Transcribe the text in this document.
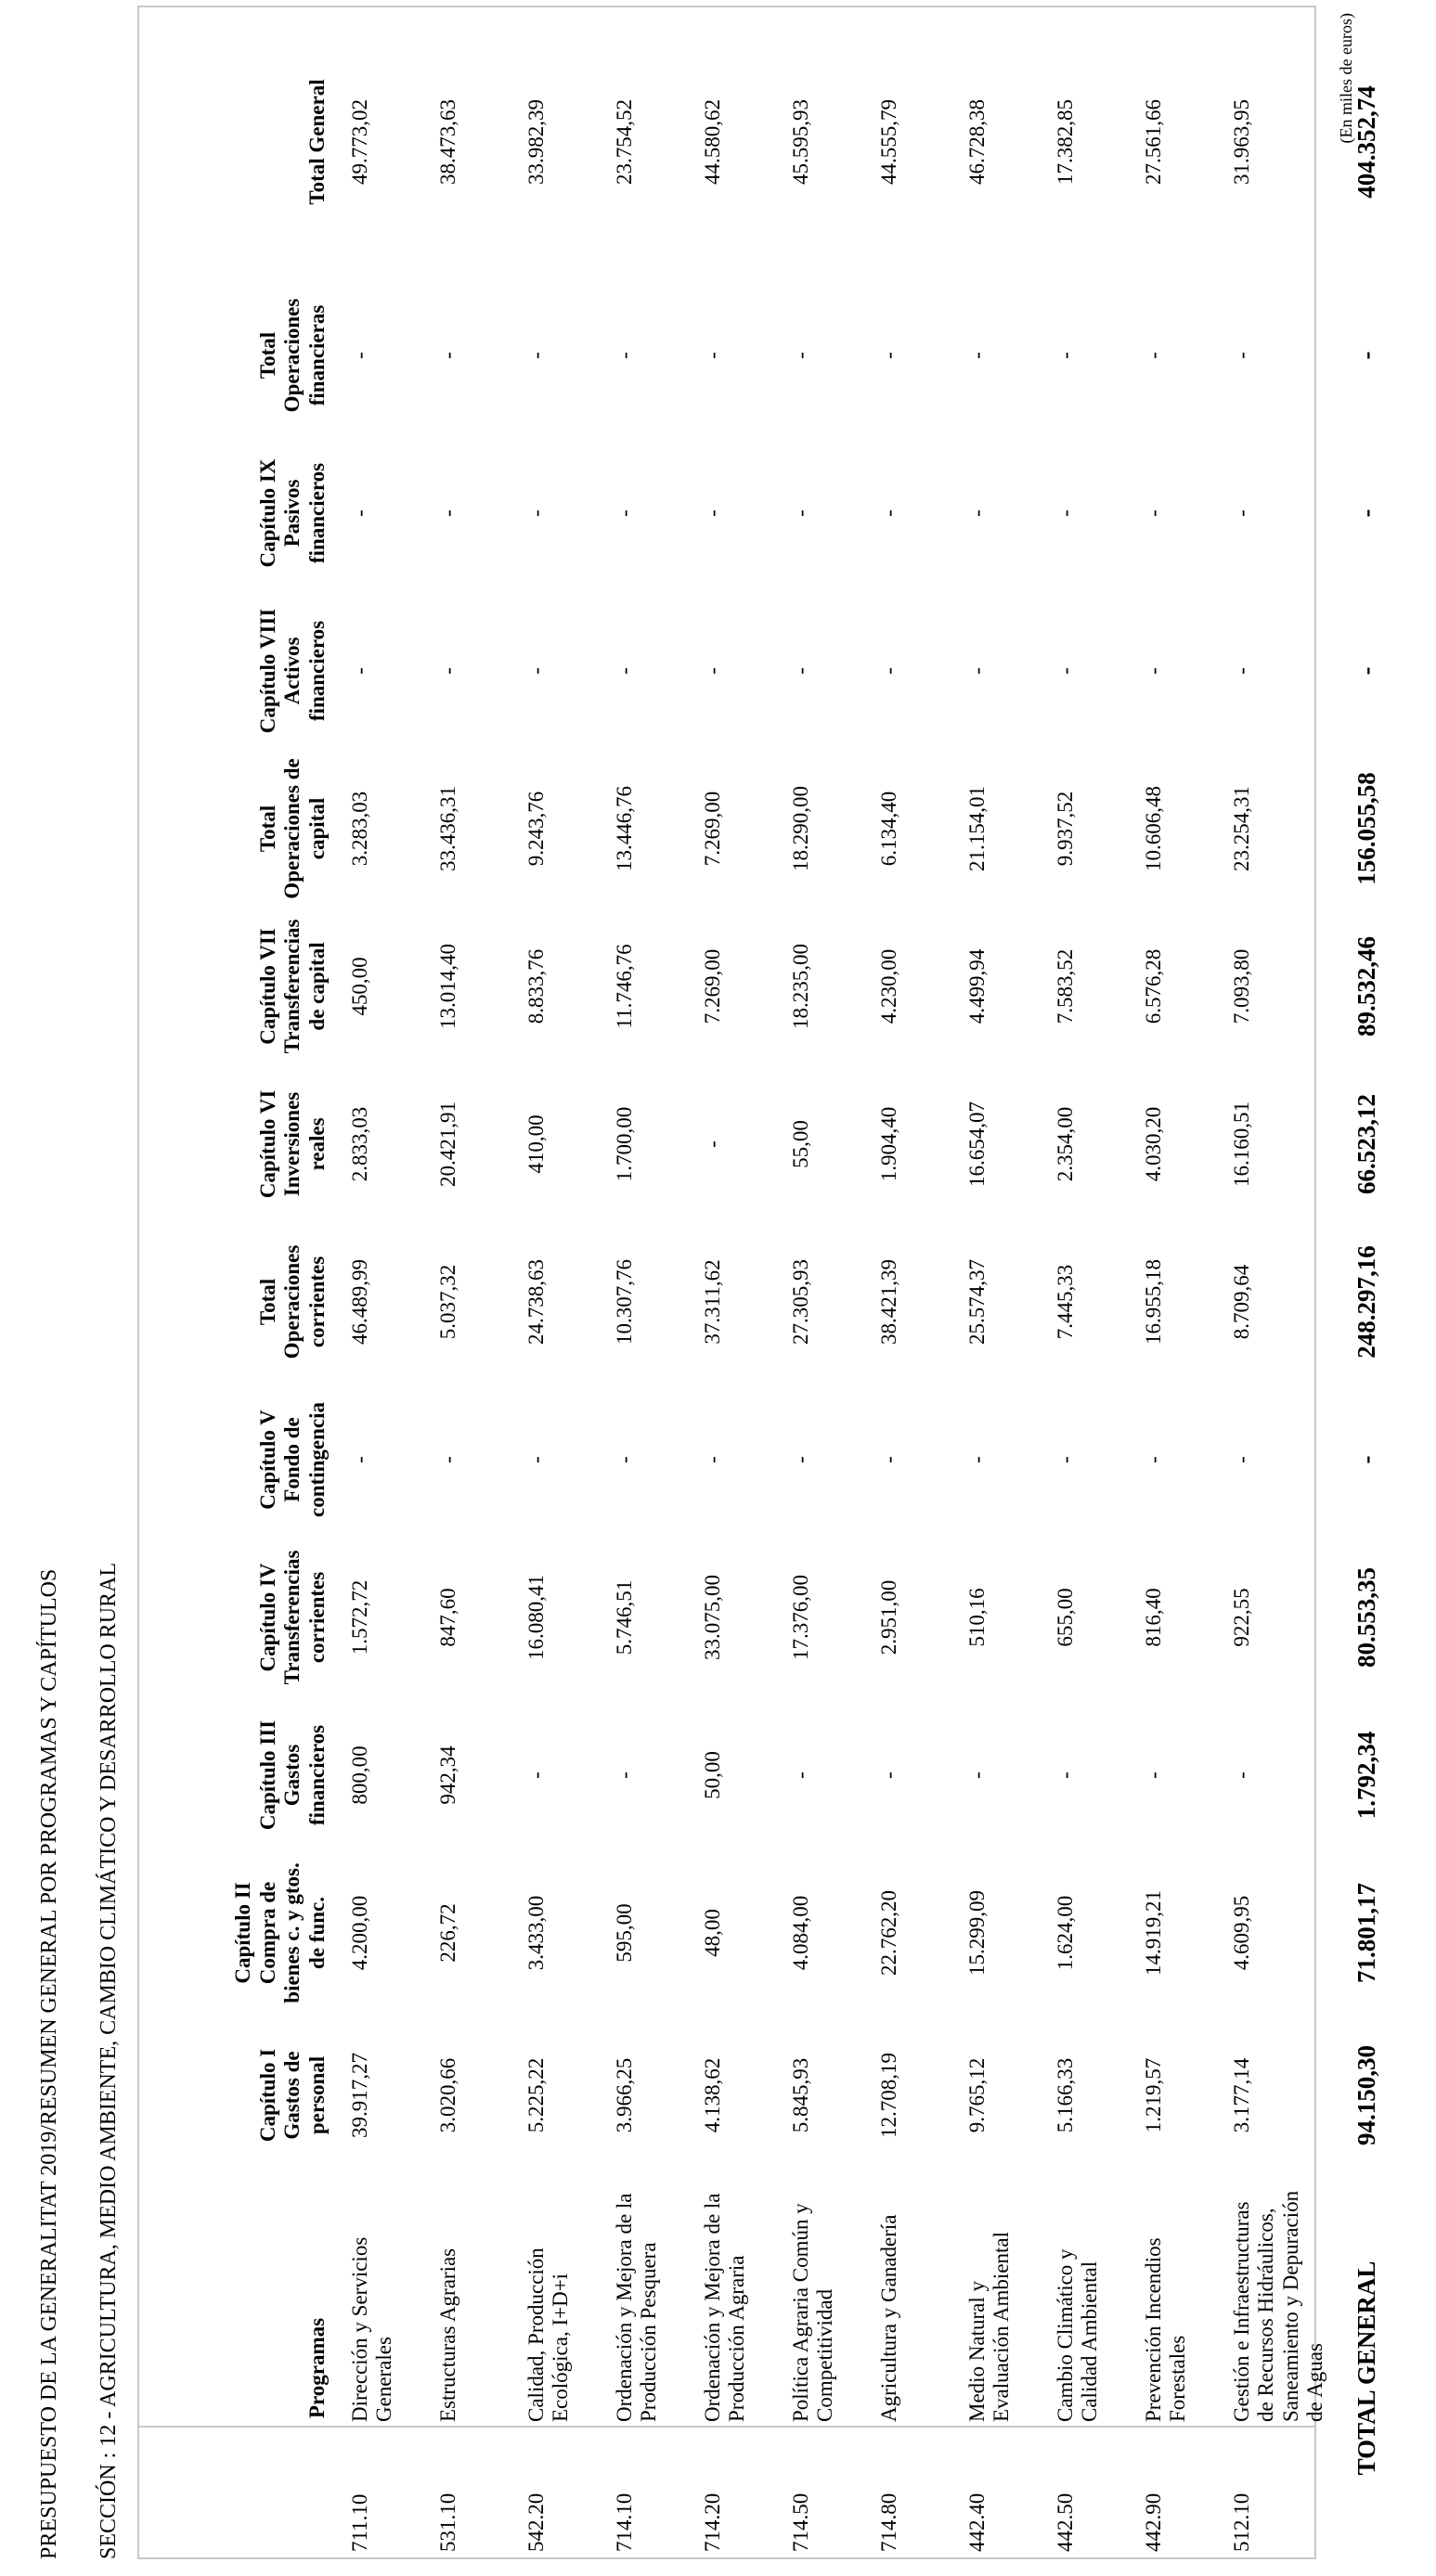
PRESUPUESTO DE LA GENERALITAT 2019/RESUMEN GENERAL POR PROGRAMAS Y CAPÍTULOS SECCIÓN : 12 - AGRICULTURA, MEDIO AMBIENTE, CAMBIO CLIMÁTICO Y DESARROLLO RURAL
(En miles de euros)
Programas		Capítulo I Gastos de personal	Capítulo II Compra de bienes c. y gtos. de func.	Capítulo III Gastos financieros	Capítulo IV Transferencias corrientes	Capítulo V Fondo de contingencia	Total Operaciones corrientes	Capítulo VI Inversiones reales	Capítulo VII Transferencias de capital	Total Operaciones de capital	Capítulo VIII Activos financieros	Capítulo IX Pasivos financieros	Total Operaciones financieras	Total General
711.10	Dirección y Servicios Generales	39.917,27	4.200,00	800,00	1.572,72	-	46.489,99	2.833,03	450,00	3.283,03	-	-	-	49.773,02
531.10	Estructuras Agrarias	3.020,66	226,72	942,34	847,60	-	5.037,32	20.421,91	13.014,40	33.436,31	-	-	-	38.473,63
542.20	Calidad, Producción Ecológica, I+D+i	5.225,22	3.433,00	-	16.080,41	-	24.738,63	410,00	8.833,76	9.243,76	-	-	-	33.982,39
714.10	Ordenación y Mejora de la Producción Pesquera	3.966,25	595,00	-	5.746,51	-	10.307,76	1.700,00	11.746,76	13.446,76	-	-	-	23.754,52
714.20	Ordenación y Mejora de la Producción Agraria	4.138,62	48,00	50,00	33.075,00	-	37.311,62	-	7.269,00	7.269,00	-	-	-	44.580,62
714.50	Política Agraria Común y Competitividad	5.845,93	4.084,00	-	17.376,00	-	27.305,93	55,00	18.235,00	18.290,00	-	-	-	45.595,93
714.80	Agricultura y Ganadería	12.708,19	22.762,20	-	2.951,00	-	38.421,39	1.904,40	4.230,00	6.134,40	-	-	-	44.555,79
442.40	Medio Natural y Evaluación Ambiental	9.765,12	15.299,09	-	510,16	-	25.574,37	16.654,07	4.499,94	21.154,01	-	-	-	46.728,38
442.50	Cambio Climático y Calidad Ambiental	5.166,33	1.624,00	-	655,00	-	7.445,33	2.354,00	7.583,52	9.937,52	-	-	-	17.382,85
442.90	Prevención Incendios Forestales	1.219,57	14.919,21	-	816,40	-	16.955,18	4.030,20	6.576,28	10.606,48	-	-	-	27.561,66
512.10	Gestión e Infraestructuras de Recursos Hidráulicos, Saneamiento y Depuración de Aguas	3.177,14	4.609,95	-	922,55	-	8.709,64	16.160,51	7.093,80	23.254,31	-	-	-	31.963,95
TOTAL GENERAL		94.150,30	71.801,17	1.792,34	80.553,35	-	248.297,16	66.523,12	89.532,46	156.055,58	-	-	-	404.352,74
